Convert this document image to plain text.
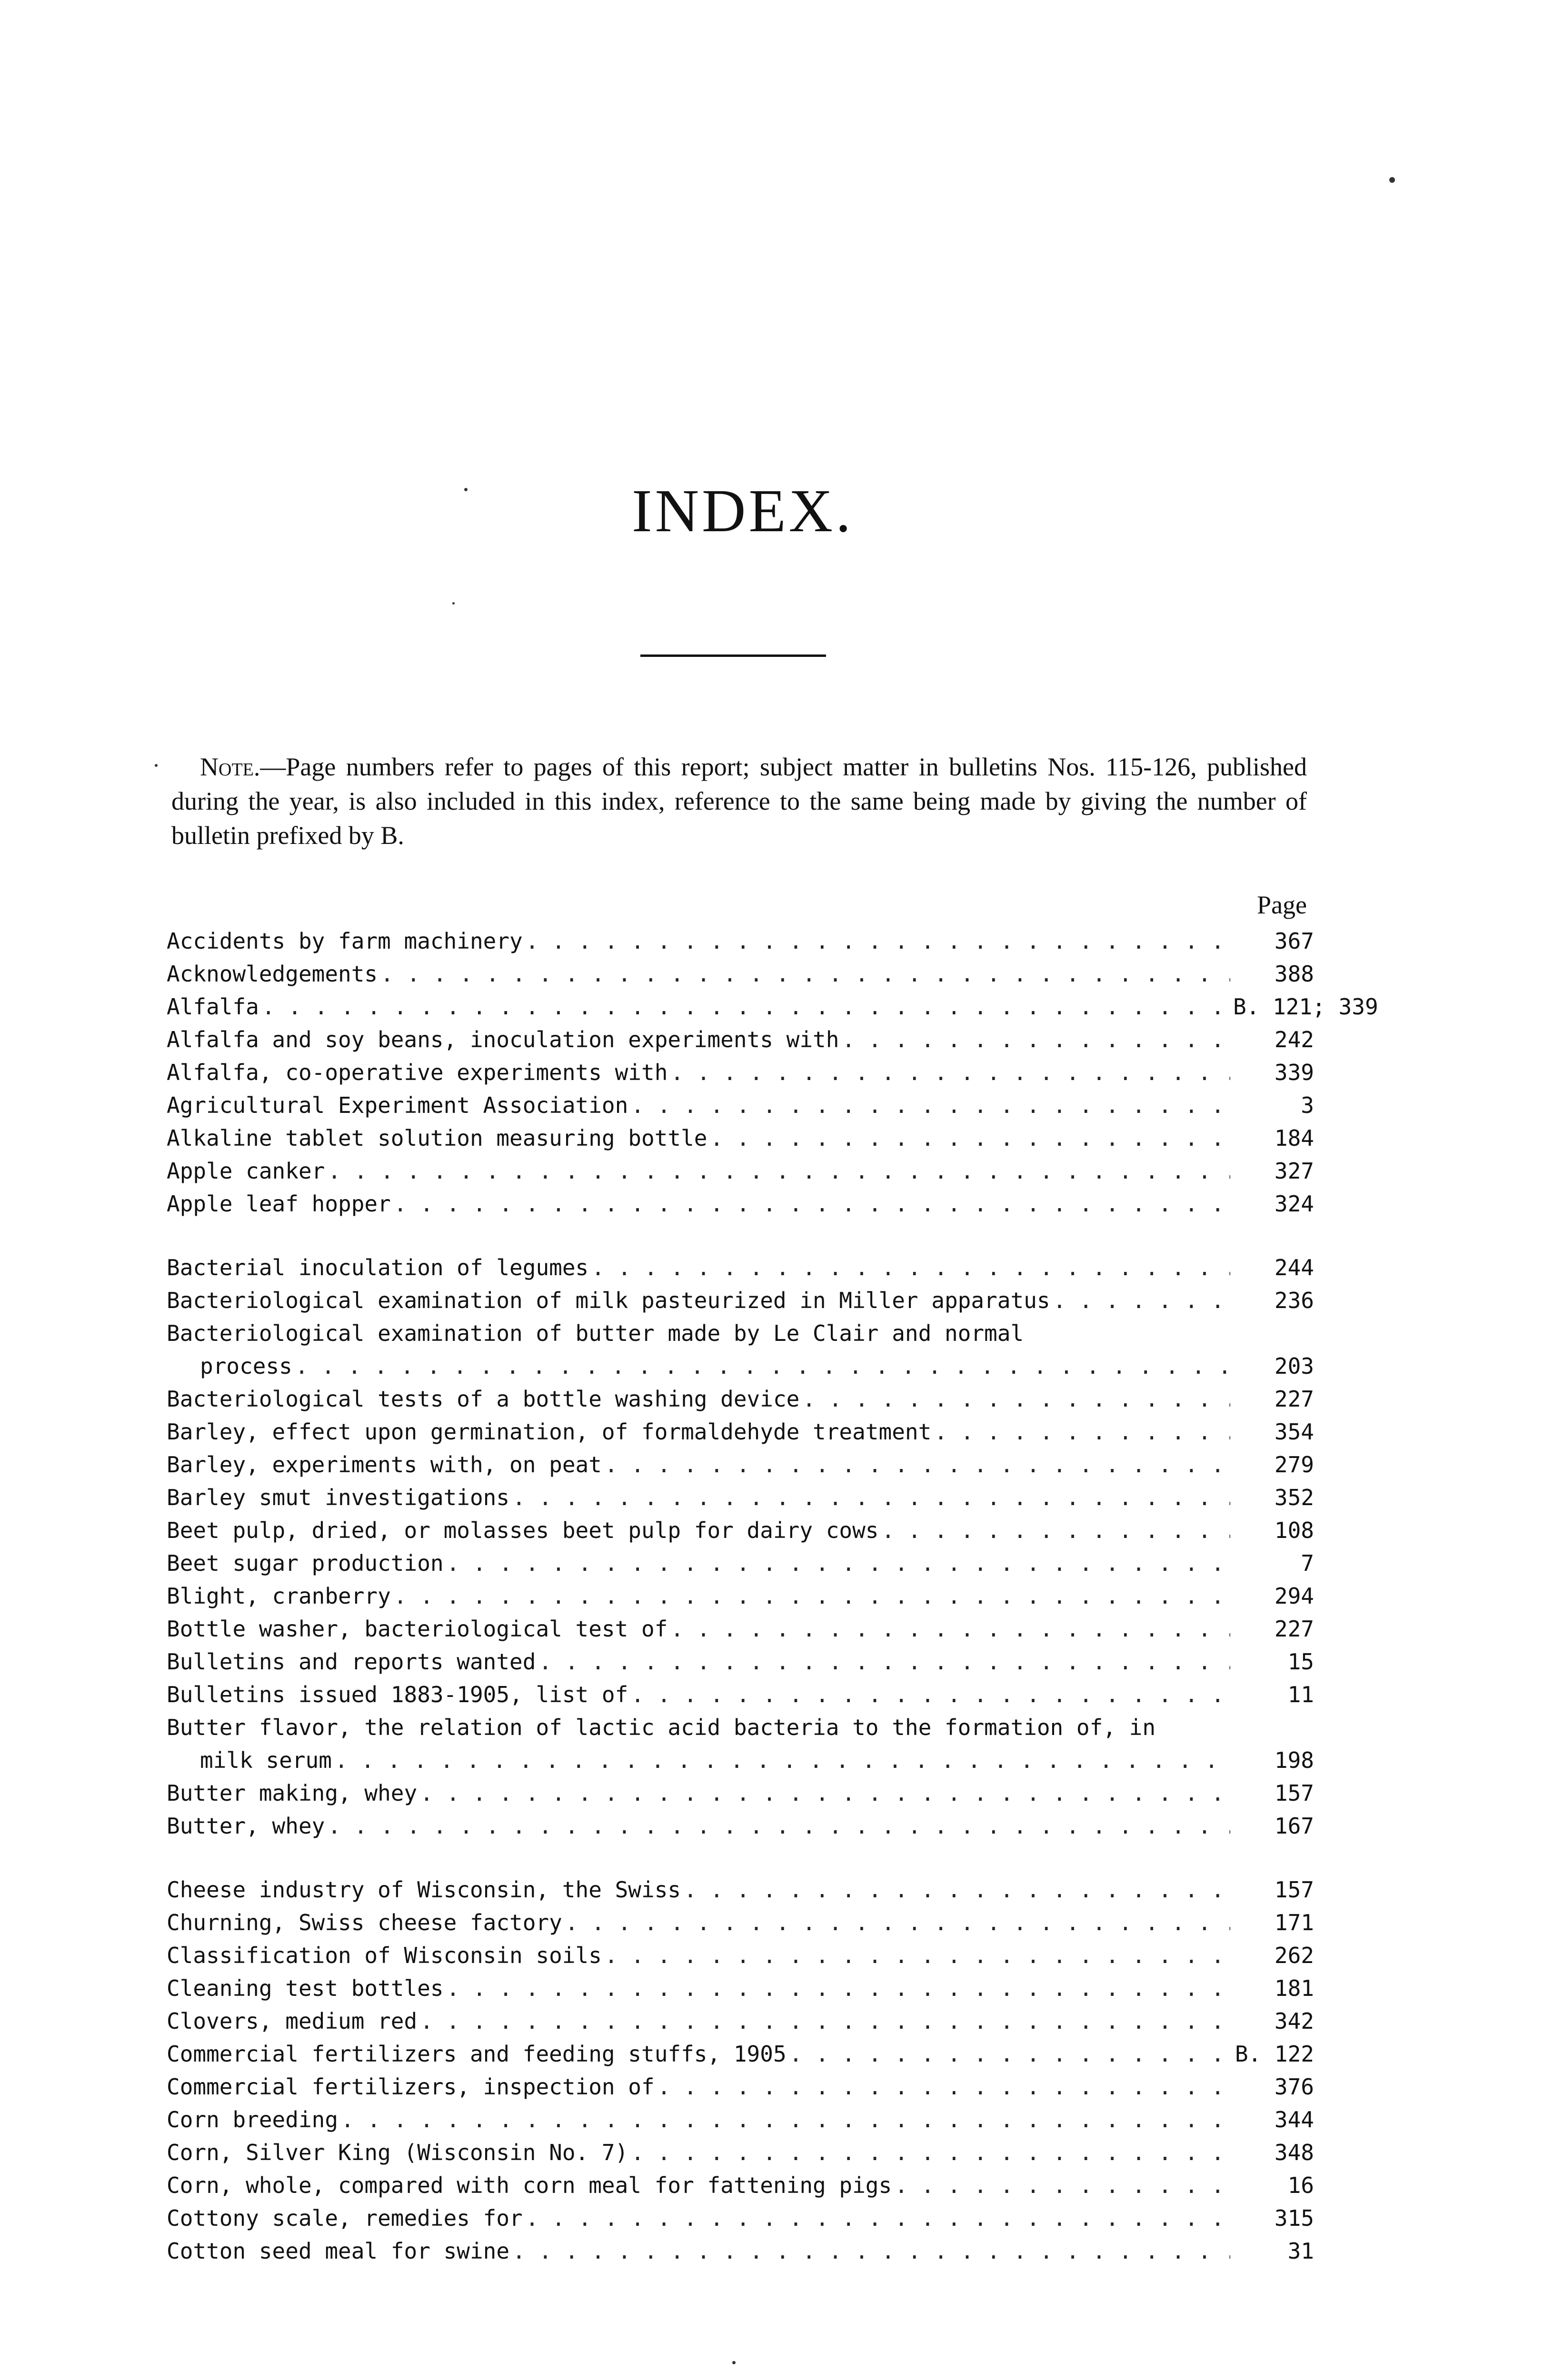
INDEX.
Note.—Page numbers refer to pages of this report; subject matter in bulletins Nos. 115-126, published during the year, is also included in this index, reference to the same being made by giving the number of bulletin prefixed by B.
Page
Accidents by farm machinery . . .	367
Acknowledgements . . .	388
Alfalfa . . .	B. 121; 339
Alfalfa and soy beans, inoculation experiments with . . .	242
Alfalfa, co-operative experiments with . . .	339
Agricultural Experiment Association . . .	3
Alkaline tablet solution measuring bottle . . .	184
Apple canker . . .	327
Apple leaf hopper . . .	324
Bacterial inoculation of legumes . . .	244
Bacteriological examination of milk pasteurized in Miller apparatus . . .	236
Bacteriological examination of butter made by Le Clair and normal
process . . .	203
Bacteriological tests of a bottle washing device . . .	227
Barley, effect upon germination, of formaldehyde treatment . . .	354
Barley, experiments with, on peat . . .	279
Barley smut investigations . . .	352
Beet pulp, dried, or molasses beet pulp for dairy cows . . .	108
Beet sugar production . . .	7
Blight, cranberry . . .	294
Bottle washer, bacteriological test of . . .	227
Bulletins and reports wanted . . .	15
Bulletins issued 1883-1905, list of . . .	11
Butter flavor, the relation of lactic acid bacteria to the formation of, in
milk serum . . .	198
Butter making, whey . . .	157
Butter, whey . . .	167
Cheese industry of Wisconsin, the Swiss . . .	157
Churning, Swiss cheese factory . . .	171
Classification of Wisconsin soils . . .	262
Cleaning test bottles . . .	181
Clovers, medium red . . .	342
Commercial fertilizers and feeding stuffs, 1905 . . .	B. 122
Commercial fertilizers, inspection of . . .	376
Corn breeding . . .	344
Corn, Silver King (Wisconsin No. 7) . . .	348
Corn, whole, compared with corn meal for fattening pigs . . .	16
Cottony scale, remedies for . . .	315
Cotton seed meal for swine . . .	31
